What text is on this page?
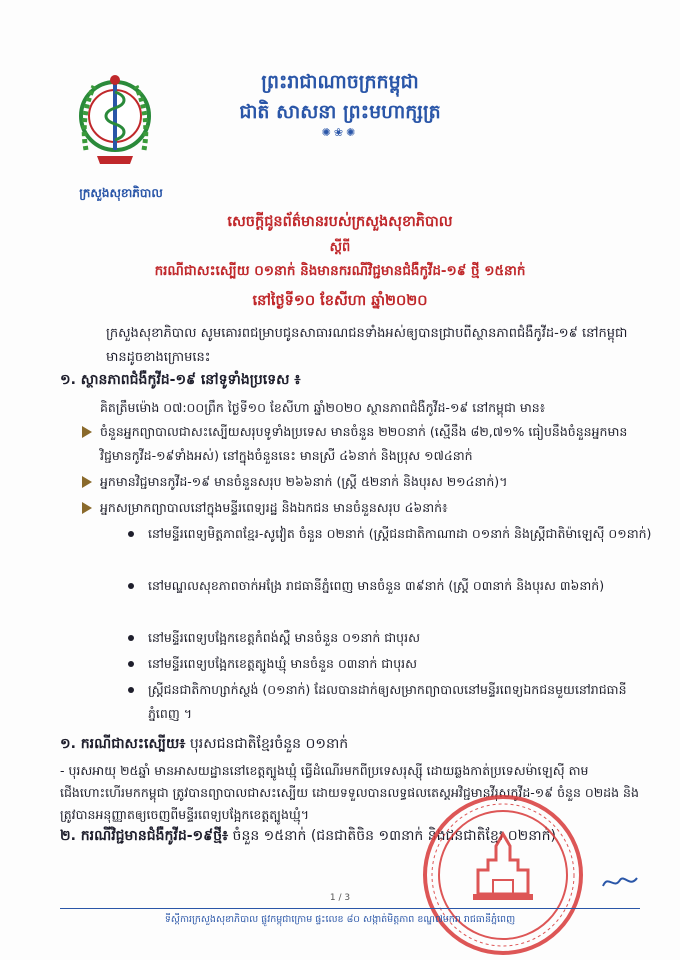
ក្រសួងសុខាភិបាល
ព្រះរាជាណាចក្រកម្ពុជា
ជាតិ សាសនា ព្រះមហាក្សត្រ
✺❀✺
សេចក្តីជូនព័ត៌មានរបស់ក្រសួងសុខាភិបាល
ស្តីពី
ករណីជាសះស្បើយ ០១នាក់ និងមានករណីវិជ្ជមានជំងឺកូវីដ-១៩ ថ្មី ១៥នាក់
នៅថ្ងៃទី១០ ខែសីហា ឆ្នាំ២០២០
ក្រសួងសុខាភិបាល សូមគោរពជម្រាបជូនសាធារណជនទាំងអស់ឲ្យបានជ្រាបពីស្ថានភាពជំងឺកូវីដ-១៩ នៅកម្ពុជា មានដូចខាងក្រោមនេះ
១. ស្ថានភាពជំងឺកូវីដ-១៩ នៅទូទាំងប្រទេស ៖
គិតត្រឹមម៉ោង ០៧:០០ព្រឹក ថ្ងៃទី១០ ខែសីហា ឆ្នាំ២០២០ ស្ថានភាពជំងឺកូវីដ-១៩ នៅកម្ពុជា មាន៖
ចំនួនអ្នកព្យាបាលជាសះស្បើយសរុបទូទាំងប្រទេស មានចំនួន ២២០នាក់ (ស្មើនឹង ៨២,៧១% ធៀបនឹងចំនួនអ្នកមានវិជ្ជមានកូវីដ-១៩ទាំងអស់) នៅក្នុងចំនួននេះ មានស្រី ៤៦នាក់ និងប្រុស ១៧៤នាក់
អ្នកមានវិជ្ជមានកូវីដ-១៩ មានចំនួនសរុប ២៦៦នាក់ (ស្ត្រី ៥២នាក់ និងបុរស ២១៤នាក់)។
អ្នកសម្រាកព្យាបាលនៅក្នុងមន្ទីរពេទ្យរដ្ឋ និងឯកជន មានចំនួនសរុប ៤៦នាក់៖
នៅមន្ទីរពេទ្យមិត្តភាពខ្មែរ-សូវៀត ចំនួន ០២នាក់ (ស្ត្រីជនជាតិកាណាដា ០១នាក់ និងស្ត្រីជាតិម៉ាឡេស៊ី ០១នាក់)
នៅមណ្ឌលសុខភាពចាក់អង្រែ រាជធានីភ្នំពេញ មានចំនួន ៣៩នាក់ (ស្ត្រី ០៣នាក់ និងបុរស ៣៦នាក់)
នៅមន្ទីរពេទ្យបង្អែកខេត្តកំពង់ស្ពឺ មានចំនួន ០១នាក់ ជាបុរស
នៅមន្ទីរពេទ្យបង្អែកខេត្តត្បូងឃ្មុំ មានចំនួន ០៣នាក់ ជាបុរស
ស្ត្រីជនជាតិកាហ្សាក់ស្ថង់ (០១នាក់) ដែលបានដាក់ឲ្យសម្រាកព្យាបាលនៅមន្ទីរពេទ្យឯកជនមួយនៅរាជធានីភ្នំពេញ ។
១. ករណីជាសះស្បើយ៖ បុរសជនជាតិខ្មែរចំនួន ០១នាក់
- បុរសអាយុ ២៥ឆ្នាំ មានអាសយដ្ឋាននៅខេត្តត្បូងឃ្មុំ ធ្វើដំណើរមកពីប្រទេសរុស្ស៊ី ដោយឆ្លងកាត់ប្រទេសម៉ាឡេស៊ី តាមជើងហោះហើរមកកម្ពុជា ត្រូវបានព្យាបាលជាសះស្បើយ ដោយទទួលបានលទ្ធផលតេស្តអវិជ្ជមានវីរុសកូវីដ-១៩ ចំនួន ០២ដង និងត្រូវបានអនុញ្ញាតឲ្យចេញពីមន្ទីរពេទ្យបង្អែកខេត្តត្បូងឃ្មុំ។
២. ករណីវិជ្ជមានជំងឺកូវីដ-១៩ថ្មី៖ ចំនួន ១៥នាក់ (ជនជាតិចិន ១៣នាក់ និងជនជាតិខ្មែរ ០២នាក់)
1 / 3
ទីស្តីការក្រសួងសុខាភិបាល ផ្លូវកម្ពុជាក្រោម ផ្ទះលេខ ៨០ សង្កាត់មិត្តភាព ខណ្ឌ៧មករា រាជធានីភ្នំពេញ
